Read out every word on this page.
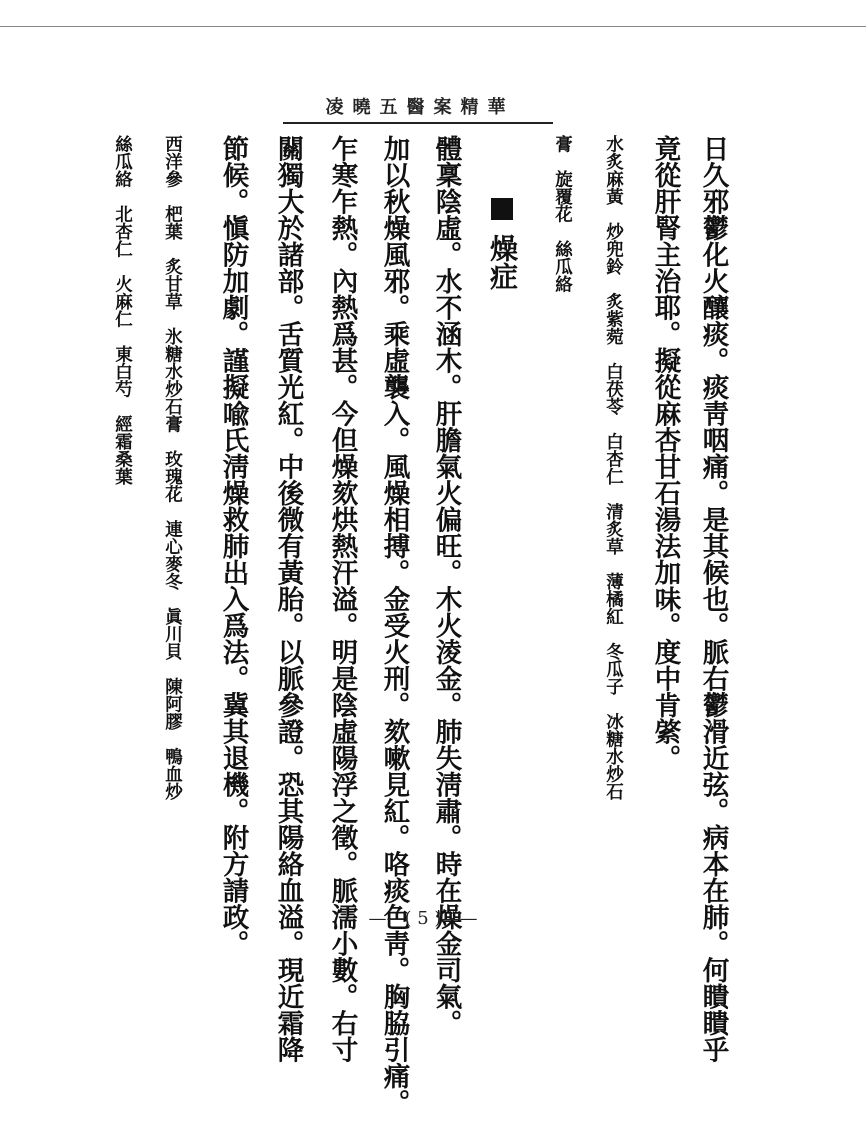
凌曉五醫案精華
日久邪鬱化火釀痰。痰靑咽痛。是其候也。脈右鬱滑近弦。病本在肺。何瞶瞶乎
竟從肝腎主治耶。擬從麻杏甘石湯法加味。度中肯綮。
水炙麻黃　炒兜鈴　炙紫菀　白茯苓　白杏仁　清炙草　薄橘紅　冬瓜子　冰糖水炒石
膏　旋覆花　絲瓜絡
燥症
體稟陰虛。水不涵木。肝膽氣火偏旺。木火淩金。肺失淸肅。時在燥金司氣。
加以秋燥風邪。乘虛襲入。風燥相搏。金受火刑。欬嗽見紅。咯痰色靑。胸脇引痛。
乍寒乍熱。內熱爲甚。今但燥欬烘熱汗溢。明是陰虛陽浮之徵。脈濡小數。右寸
關獨大於諸部。舌質光紅。中後微有黃胎。以脈參證。恐其陽絡血溢。現近霜降
節候。愼防加劇。謹擬喩氏淸燥救肺出入爲法。冀其退機。附方請政。
西洋參　杷葉　炙甘草　氷糖水炒石膏　玫瑰花　連心麥冬　眞川貝　陳阿膠　鴨血炒
絲瓜絡　北杏仁　火麻仁　東白芍　經霜桑葉
——( 5 )——
